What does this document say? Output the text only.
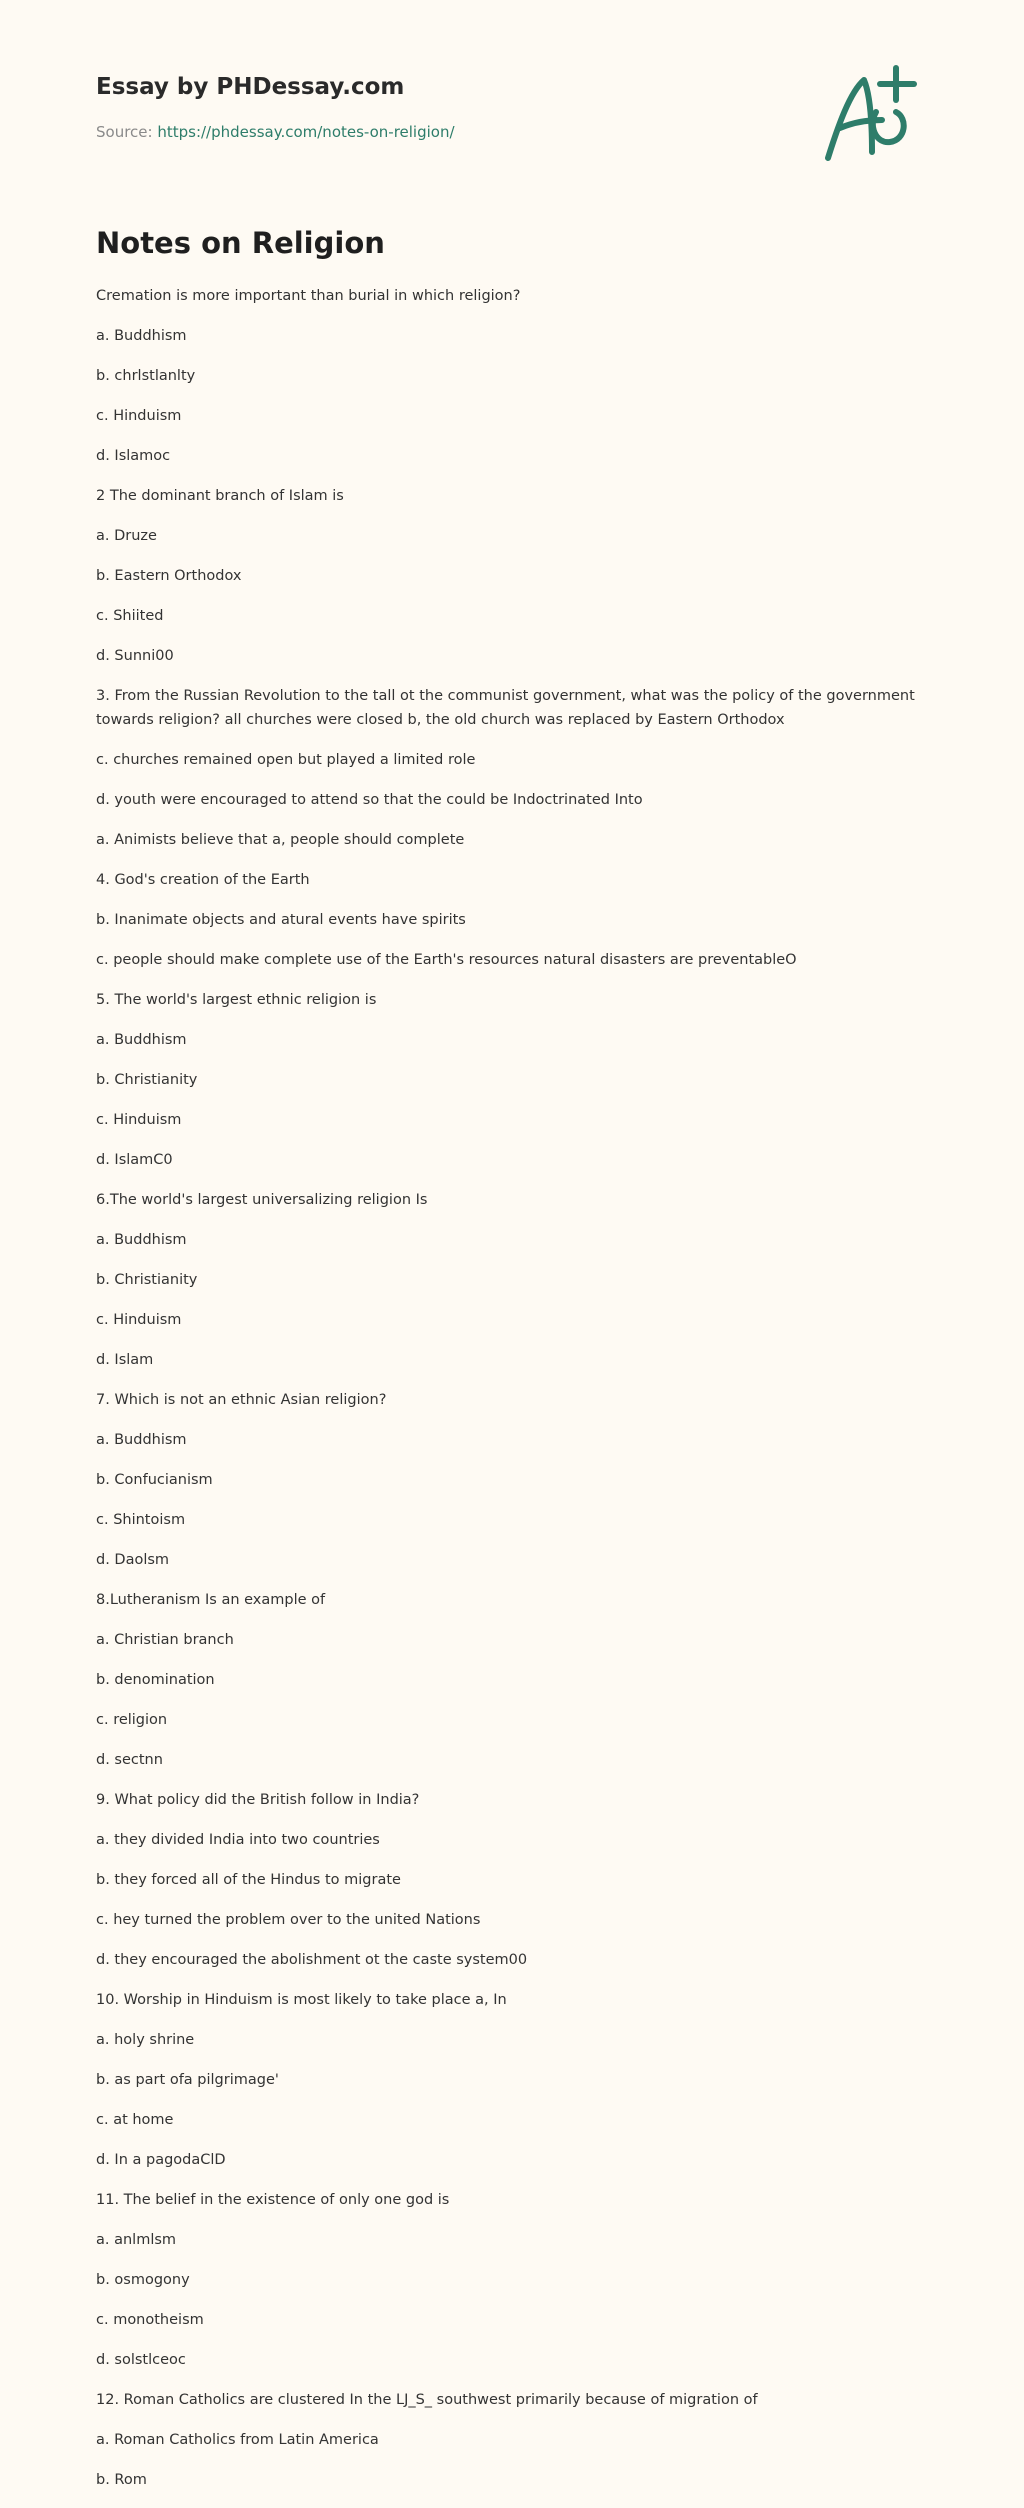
Essay by PHDessay.com
Source: https://phdessay.com/notes-on-religion/
Notes on Religion

Cremation is more important than burial in which religion?

a. Buddhism

b. chrlstlanlty

c. Hinduism

d. Islamoc

2 The dominant branch of Islam is

a. Druze

b. Eastern Orthodox

c. Shiited

d. Sunni00

3. From the Russian Revolution to the tall ot the communist government, what was the policy of the government towards religion? all churches were closed b, the old church was replaced by Eastern Orthodox

c. churches remained open but played a limited role

d. youth were encouraged to attend so that the could be Indoctrinated Into

a. Animists believe that a, people should complete

4. God's creation of the Earth

b. Inanimate objects and atural events have spirits

c. people should make complete use of the Earth's resources natural disasters are preventableO

5. The world's largest ethnic religion is

a. Buddhism

b. Christianity

c. Hinduism

d. IslamC0

6.The world's largest universalizing religion Is

a. Buddhism

b. Christianity

c. Hinduism

d. Islam

7. Which is not an ethnic Asian religion?

a. Buddhism

b. Confucianism

c. Shintoism

d. Daolsm

8.Lutheranism Is an example of

a. Christian branch

b. denomination

c. religion

d. sectnn

9. What policy did the British follow in India?

a. they divided India into two countries

b. they forced all of the Hindus to migrate

c. hey turned the problem over to the united Nations

d. they encouraged the abolishment ot the caste system00

10. Worship in Hinduism is most likely to take place a, In

a. holy shrine

b. as part ofa pilgrimage'

c. at home

d. In a pagodaClD

11. The belief in the existence of only one god is

a. anlmlsm

b. osmogony

c. monotheism

d. solstlceoc

12. Roman Catholics are clustered In the LJ_S_ southwest primarily because of migration of

a. Roman Catholics from Latin America

b. Rom
